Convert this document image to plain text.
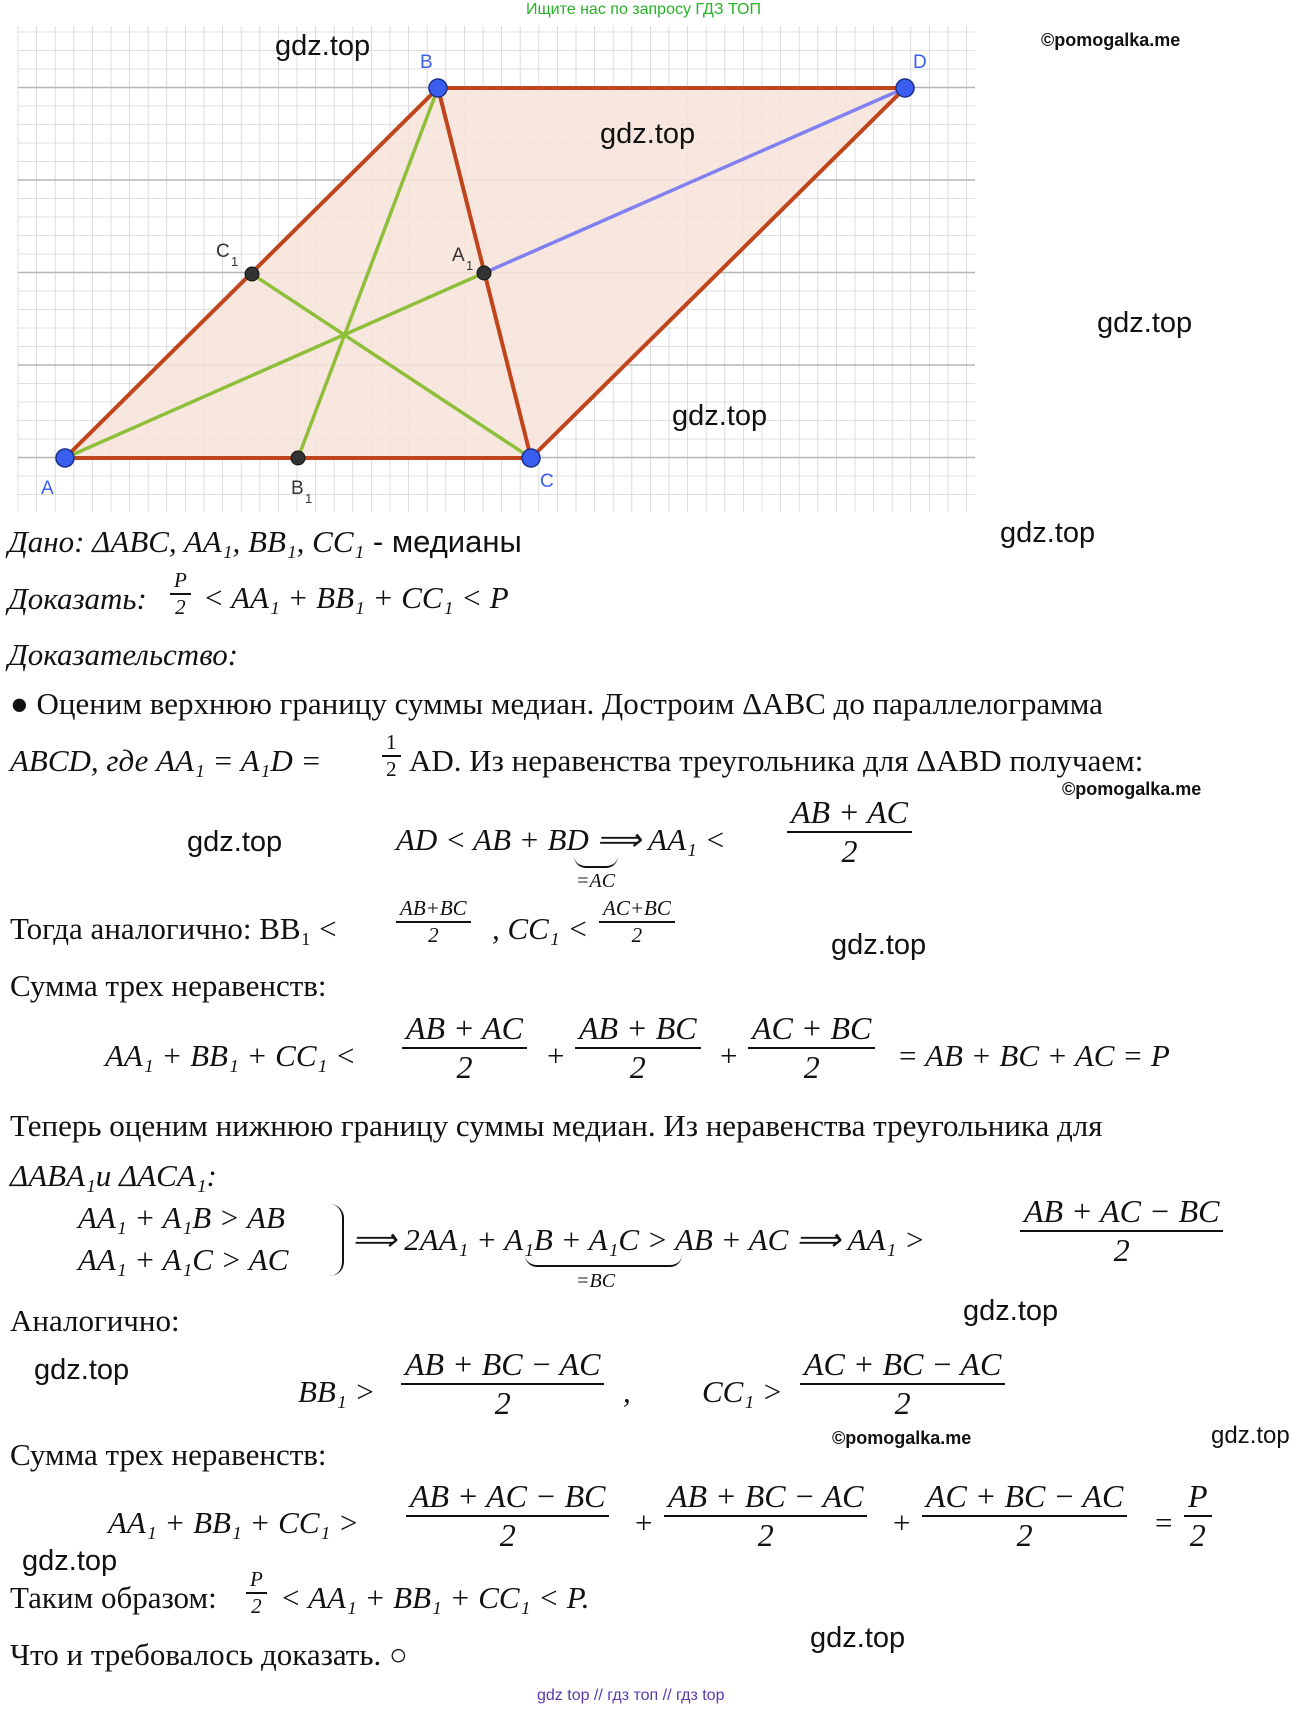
Ищите нас по запросу ГДЗ ТОП
A
B
C
D
A 1
B 1
C 1
gdz.top	©pomogalka.me
gdz.top
gdz.top
gdz.top
gdz.top
©pomogalka.me
gdz.top
gdz.top
gdz.top
gdz.top
©pomogalka.me	gdz.top
gdz.top
gdz.top
Дано: ΔABC, AA₁, BB₁, CC₁ - медианы
Доказать: $\frac{P}{2} < AA_1 + BB_1 + CC_1 < P$
Доказательство:
● Оценим верхнюю границу суммы медиан. Достроим ΔABC до параллелограмма
ABCD, где AA₁ = A₁D =	$\frac{1}{2}$ AD. Из неравенства треугольника для ΔABD получаем:
AD < AB + BD ⟹ AA₁ <
=AC
$\frac{AB + AC}{2}$
Тогда аналогично: BB₁ <	$\frac{AB+BC}{2}$ , $CC_1 < \frac{AC+BC}{2}$
Сумма трех неравенств:
$AA_1 + BB_1 + CC_1 < \frac{AB + AC}{2} + \frac{AB + BC}{2} + \frac{AC + BC}{2}$ = AB + BC + AC = P
Теперь оценим нижнюю границу суммы медиан. Из неравенства треугольника для
ΔABA₁и ΔACA₁:
AA₁ + A₁B > AB
AA₁ + A₁C > AC
⟹ 2AA₁ + A₁B + A₁C > AB + AC ⟹ AA₁ >
=BC
$\frac{AB + AC - BC}{2}$
Аналогично:
$BB_1 > \frac{AB + BC - AC}{2}$ , $CC_1 > \frac{AC + BC - AC}{2}$
Сумма трех неравенств:
$AA_1 + BB_1 + CC_1 > \frac{AB + AC - BC}{2} + \frac{AB + BC - AC}{2} + \frac{AC + BC - AC}{2} = \frac{P}{2}$
Таким образом: $\frac{P}{2} < AA_1 + BB_1 + CC_1 < P$.
Что и требовалось доказать. ○
gdz top // гдз топ // гдз top
